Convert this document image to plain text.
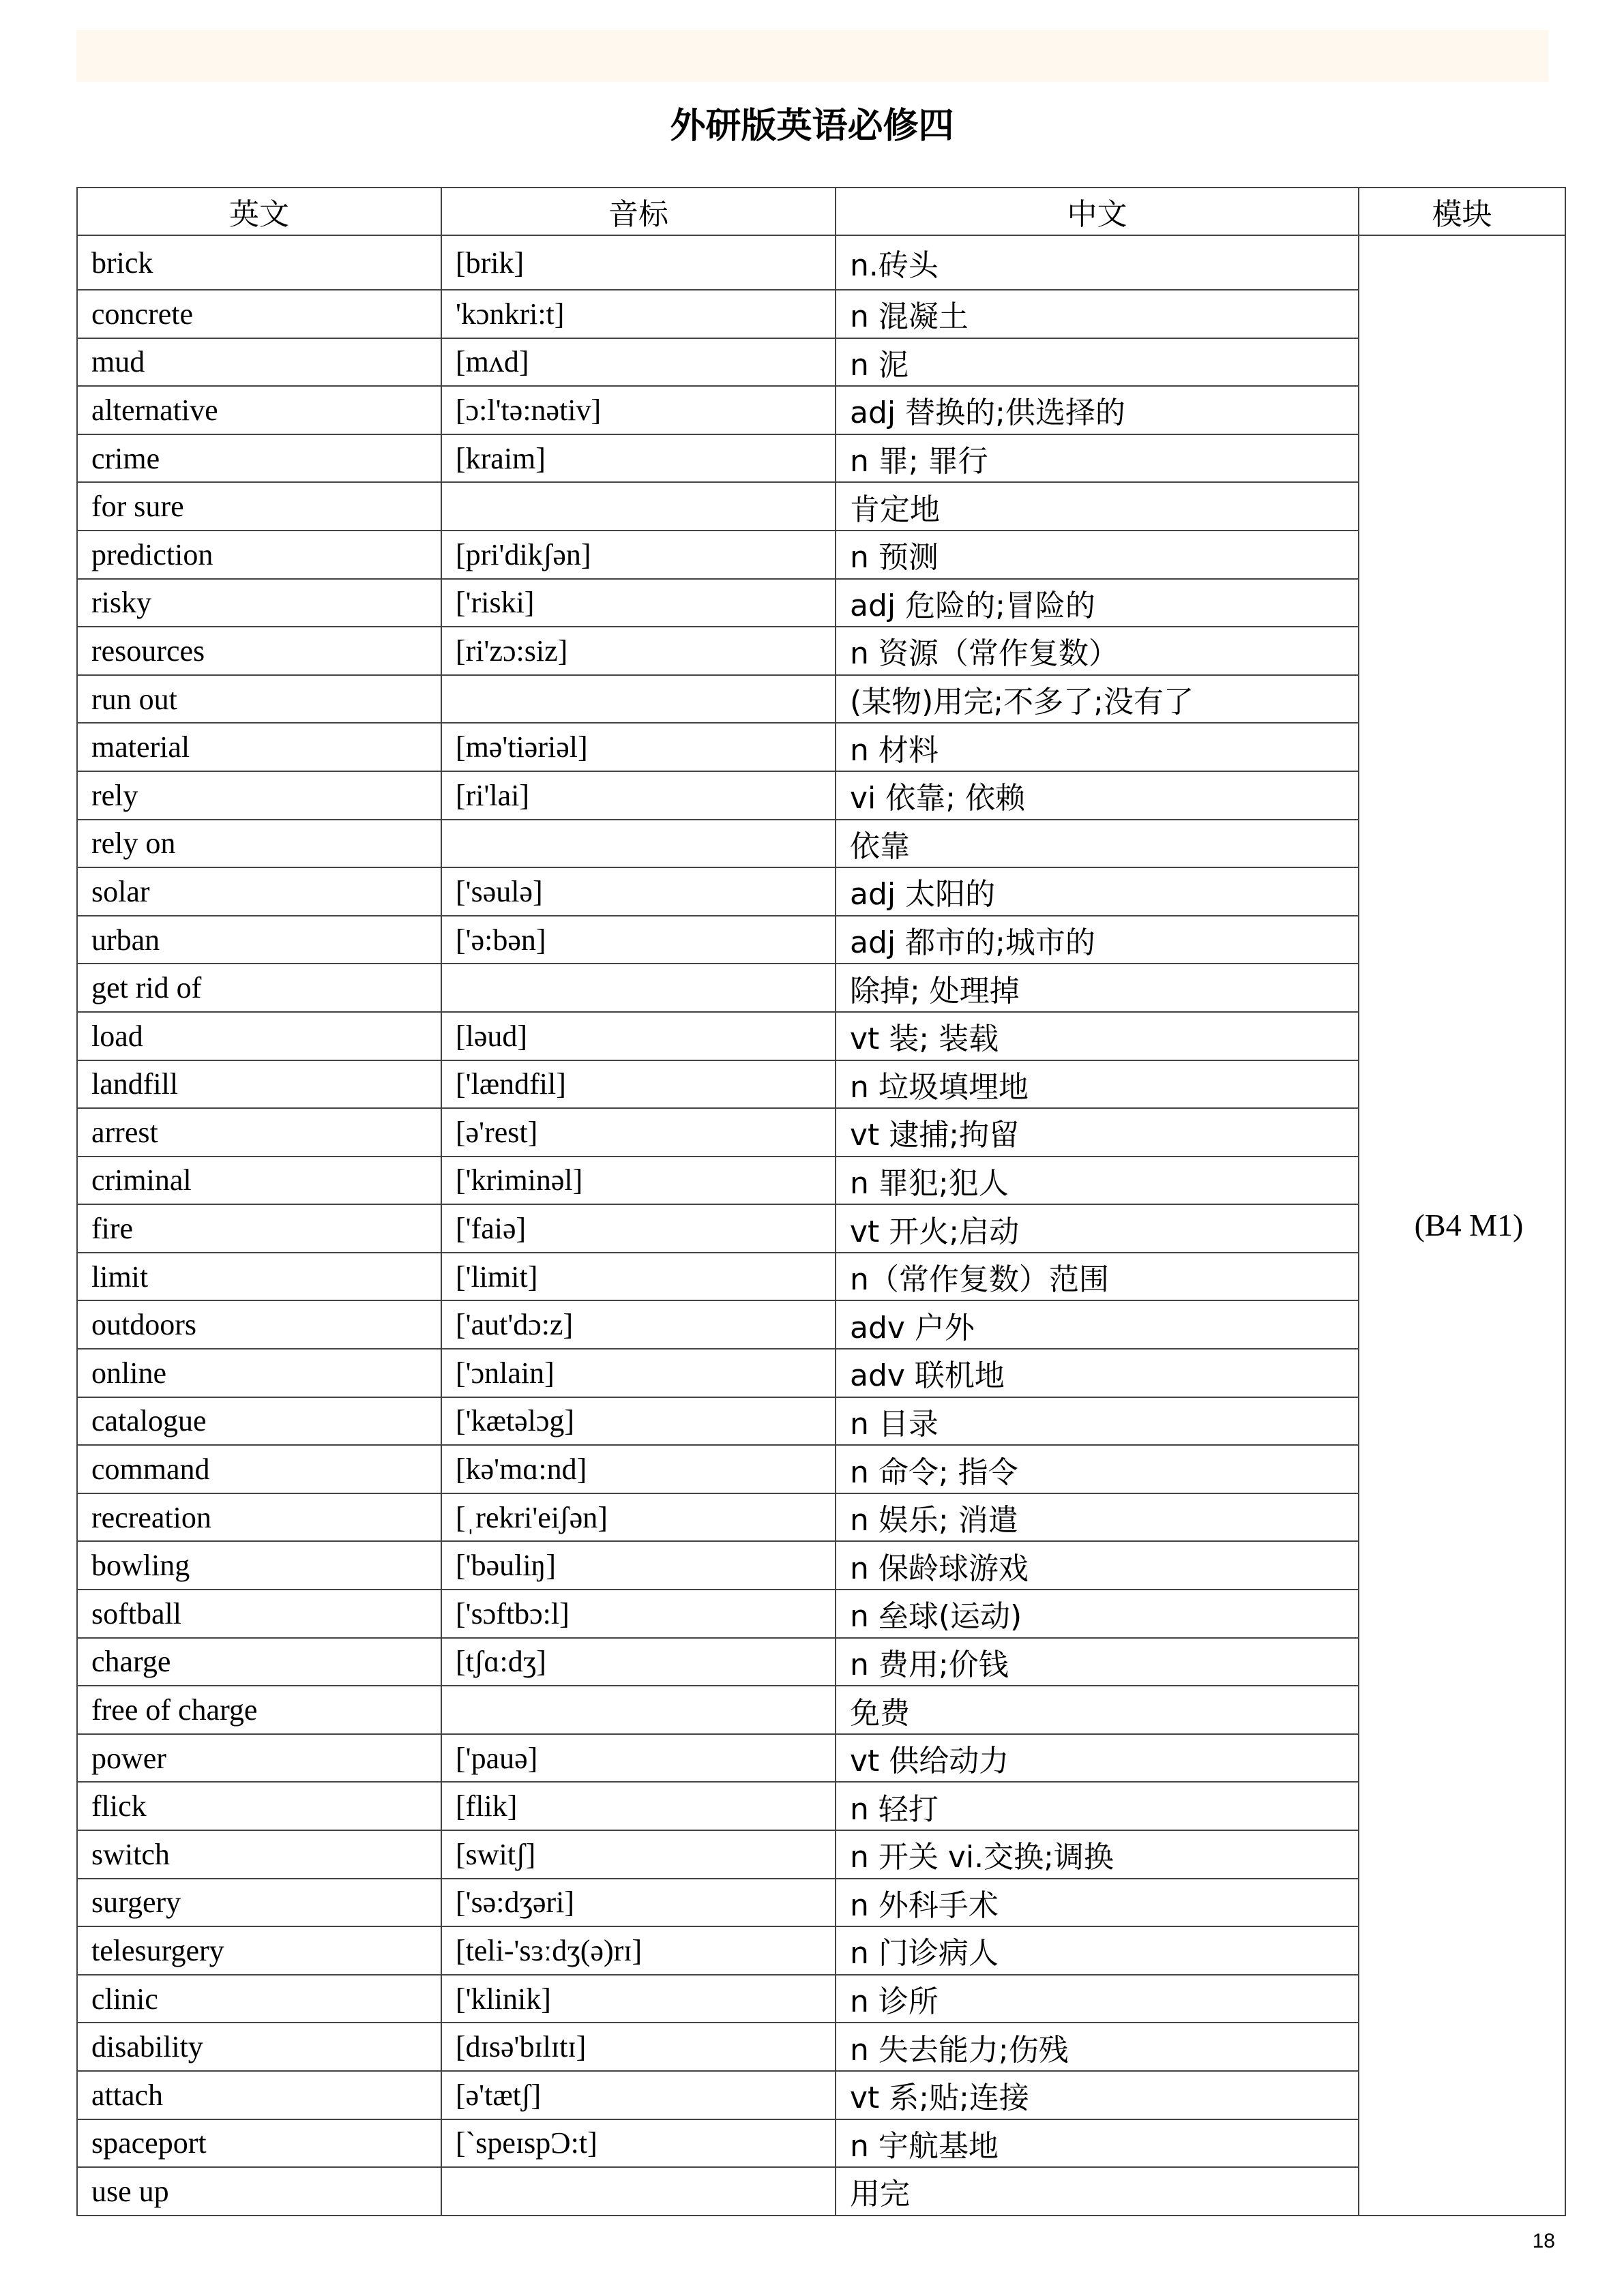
外研版英语必修四
英文	音标	中文	模块
brick	[brik]	n.砖头	(B4 M1)
concrete	'kɔnkri:t]	n 混凝土	
mud	[mʌd]	n 泥	
alternative	[ɔ:l'tə:nətiv]	adj 替换的;供选择的	
crime	[kraim]	n 罪; 罪行	
for sure		肯定地	
prediction	[pri'dikʃən]	n 预测	
risky	['riski]	adj 危险的;冒险的	
resources	[ri'zɔ:siz]	n 资源（常作复数）	
run out		(某物)用完;不多了;没有了	
material	[mə'tiəriəl]	n 材料	
rely	[ri'lai]	vi 依靠; 依赖	
rely on		依靠	
solar	['səulə]	adj 太阳的	
urban	['ə:bən]	adj 都市的;城市的	
get rid of		除掉; 处理掉	
load	[ləud]	vt 装; 装载	
landfill	['lændfil]	n 垃圾填埋地	
arrest	[ə'rest]	vt 逮捕;拘留	
criminal	['kriminəl]	n 罪犯;犯人	
fire	['faiə]	vt 开火;启动	
limit	['limit]	n（常作复数）范围	
outdoors	['aut'dɔ:z]	adv 户外	
online	['ɔnlain]	adv 联机地	
catalogue	['kætəlɔg]	n 目录	
command	[kə'mɑ:nd]	n 命令; 指令	
recreation	[ˌrekri'eiʃən]	n 娱乐; 消遣	
bowling	['bəuliŋ]	n 保龄球游戏	
softball	['sɔftbɔ:l]	n 垒球(运动)	
charge	[tʃɑ:dʒ]	n 费用;价钱	
free of charge		免费	
power	['pauə]	vt 供给动力	
flick	[flik]	n 轻打	
switch	[switʃ]	n 开关 vi.交换;调换	
surgery	['sə:dʒəri]	n 外科手术	
telesurgery	[teli-'sɜːdʒ(ə)rɪ]	n 门诊病人	
clinic	['klinik]	n 诊所	
disability	[dɪsə'bɪlɪtɪ]	n 失去能力;伤残	
attach	[ə'tætʃ]	vt 系;贴;连接	
spaceport	[`speɪspƆ:t]	n 宇航基地	
use up		用完	
18
